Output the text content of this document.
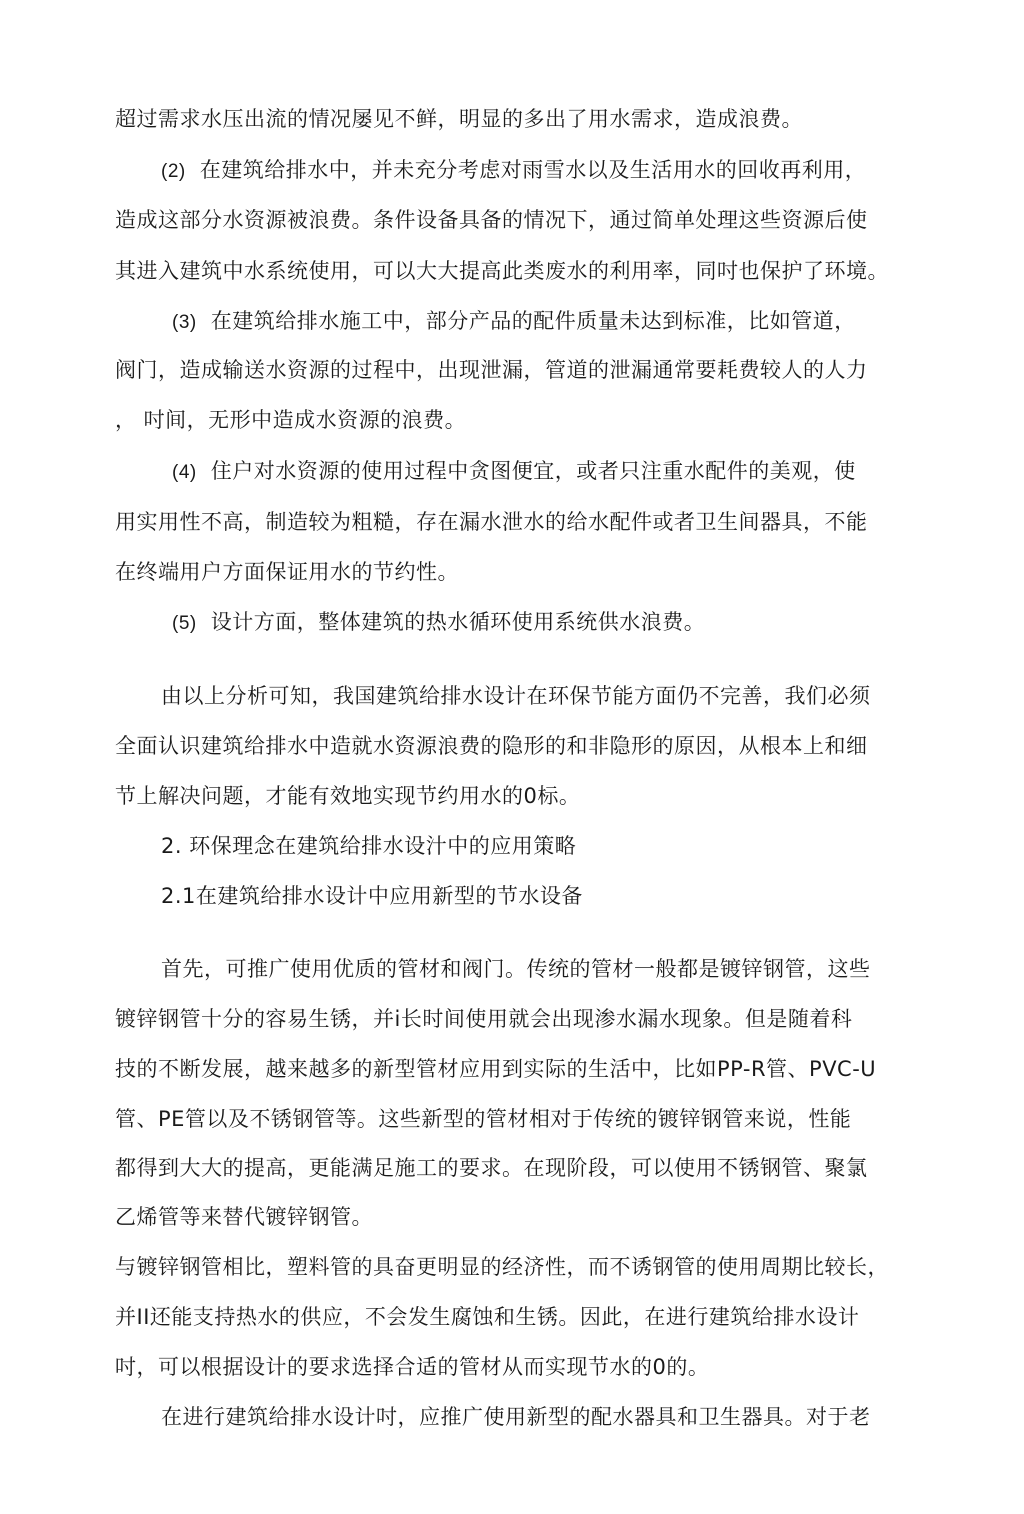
超过需求水压出流的情况屡见不鲜，明显的多出了用水需求，造成浪费。
(2) 在建筑给排水中，并未充分考虑对雨雪水以及生活用水的回收再利用，
造成这部分水资源被浪费。条件设备具备的情况下，通过简单处理这些资源后使
其进入建筑中水系统使用，可以大大提高此类废水的利用率，同吋也保护了环境。
(3) 在建筑给排水施工中，部分产品的配件质量未达到标准，比如管道，
阀门，造成输送水资源的过程中，出现泄漏，管道的泄漏通常要耗费较人的人力
， 吋间，无形中造成水资源的浪费。
(4) 住户对水资源的使用过程中贪图便宜，或者只注重水配件的美观，使
用实用性不高，制造较为粗糙，存在漏水泄水的给水配件或者卫生间器具，不能
在终端用户方面保证用水的节约性。
(5) 设计方面，整体建筑的热水循环使用系统供水浪费。
由以上分析可知，我国建筑给排水设计在环保节能方面仍不完善，我们必须
全面认识建筑给排水中造就水资源浪费的隐形的和非隐形的原因，从根本上和细
节上解决问题，才能有效地实现节约用水的0标。
2. 环保理念在建筑给排水设汁中的应用策略
2.1在建筑给排水设计中应用新型的节水设备
首先，可推广使用优质的管材和阀门。传统的管材一般都是镀锌钢管，这些
镀锌钢管十分的容易生锈，并i长时间使用就会出现渗水漏水现象。但是随着科
技的不断发展，越来越多的新型管材应用到实际的生活中，比如PP-R管、PVC-U
管、PE管以及不锈钢管等。这些新型的管材相对于传统的镀锌钢管来说，性能
都得到大大的提高，更能满足施工的要求。在现阶段，可以使用不锈钢管、聚氯
乙烯管等来替代镀锌钢管。
与镀锌钢管相比，塑料管的具奋更明显的经济性，而不诱钢管的使用周期比较长，
并II还能支持热水的供应，不会发生腐蚀和生锈。因此，在进行建筑给排水设计
吋，可以根据设计的要求选择合适的管材从而实现节水的0的。
在进行建筑给排水设计吋，应推广使用新型的配水器具和卫生器具。对于老
